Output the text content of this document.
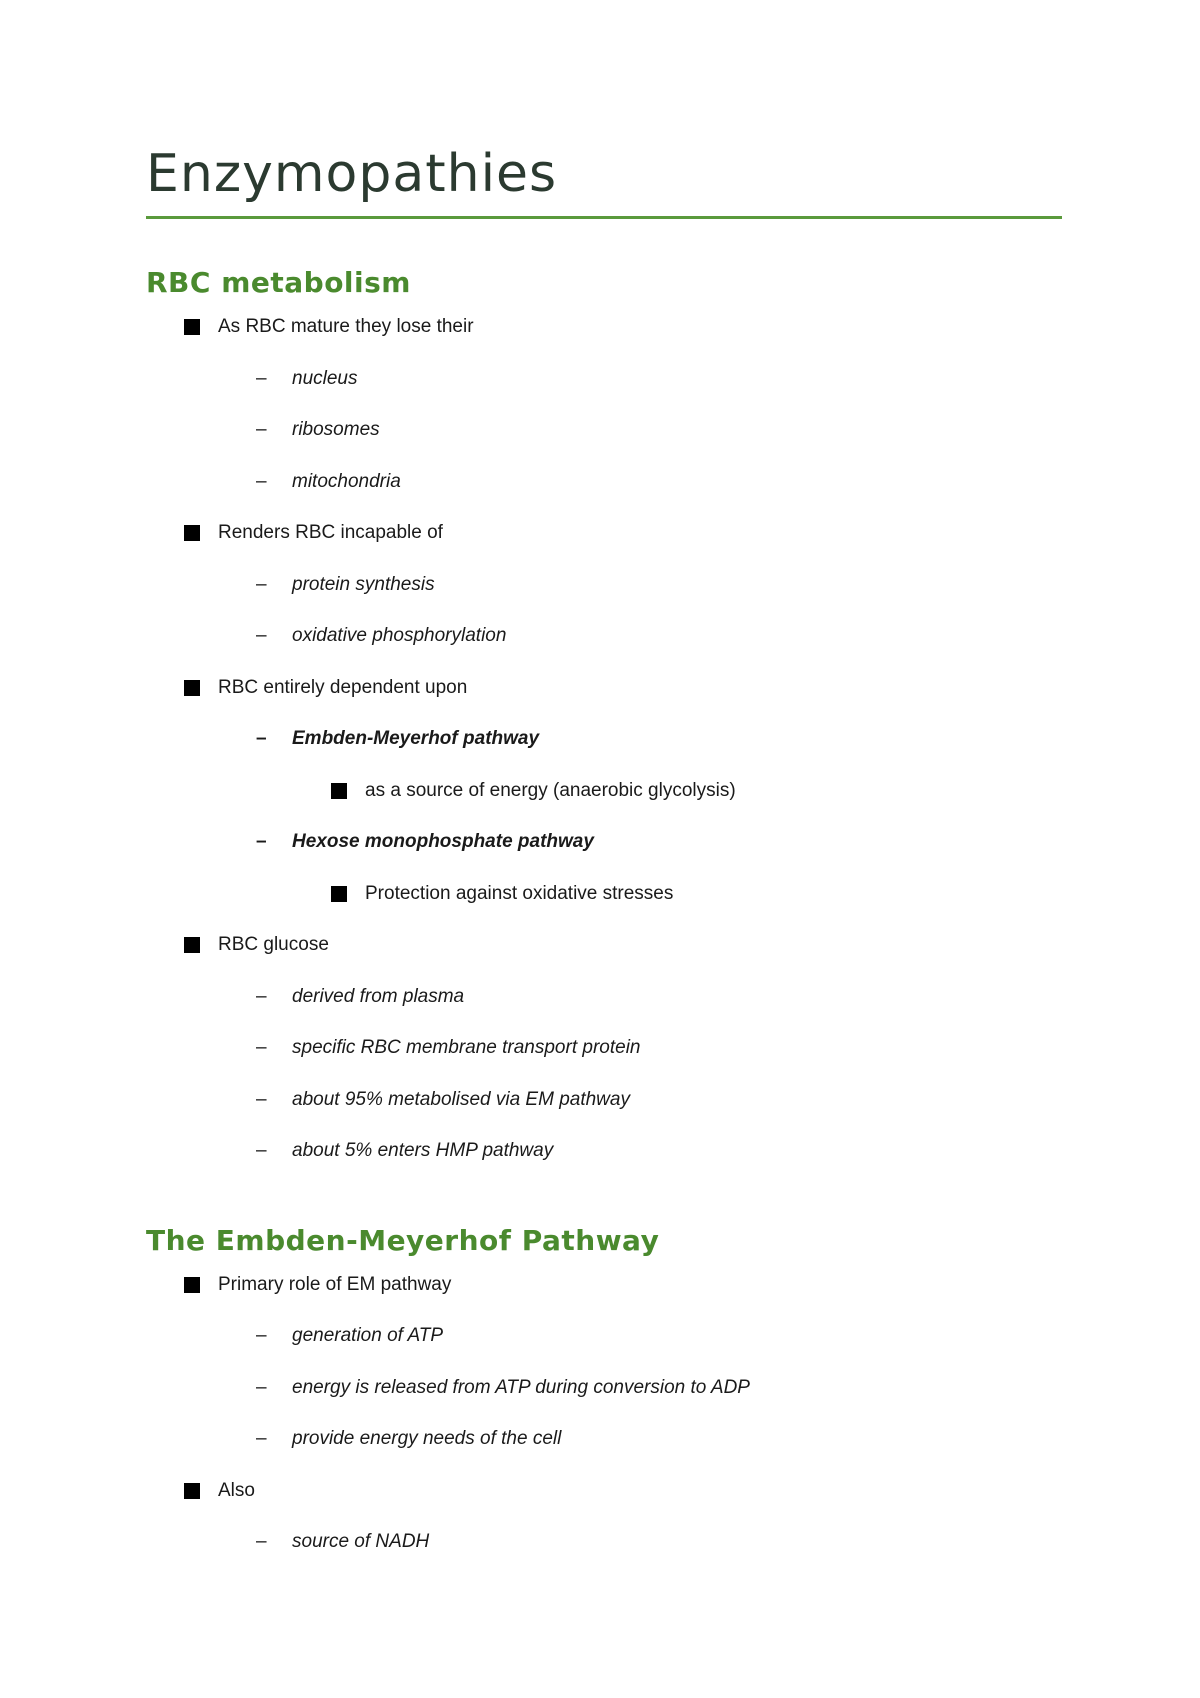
Enzymopathies
RBC metabolism
As RBC mature they lose their
– nucleus
– ribosomes
– mitochondria
Renders RBC incapable of
– protein synthesis
– oxidative phosphorylation
RBC entirely dependent upon
– Embden-Meyerhof pathway
as a source of energy (anaerobic glycolysis)
– Hexose monophosphate pathway
Protection against oxidative stresses
RBC glucose
– derived from plasma
– specific RBC membrane transport protein
– about 95% metabolised via EM pathway
– about 5% enters HMP pathway
The Embden-Meyerhof Pathway
Primary role of EM pathway
– generation of ATP
– energy is released from ATP during conversion to ADP
– provide energy needs of the cell
Also
– source of NADH
